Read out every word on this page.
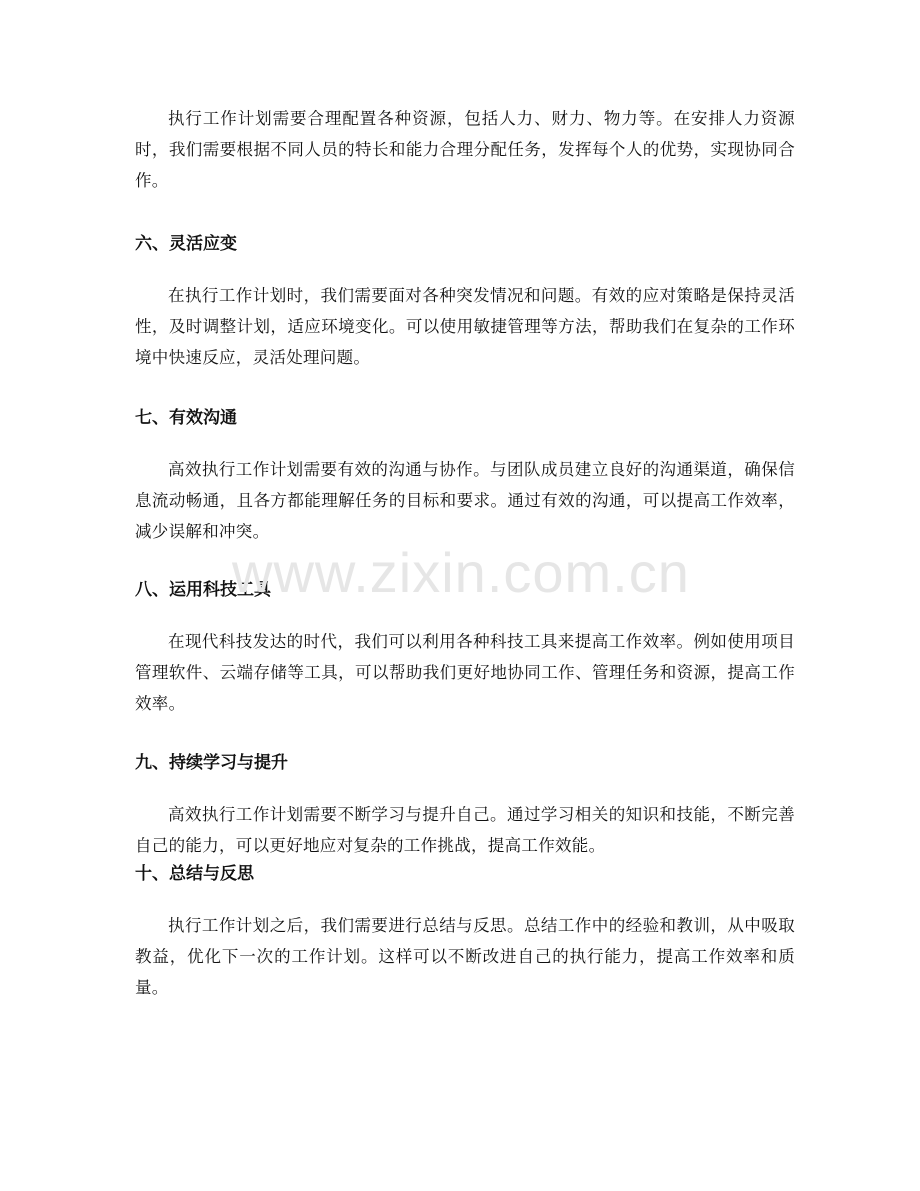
执行工作计划需要合理配置各种资源，包括人力、财力、物力等。在安排人力资源时，我们需要根据不同人员的特长和能力合理分配任务，发挥每个人的优势，实现协同合作。

六、灵活应变

在执行工作计划时，我们需要面对各种突发情况和问题。有效的应对策略是保持灵活性，及时调整计划，适应环境变化。可以使用敏捷管理等方法，帮助我们在复杂的工作环境中快速反应，灵活处理问题。

七、有效沟通

高效执行工作计划需要有效的沟通与协作。与团队成员建立良好的沟通渠道，确保信息流动畅通，且各方都能理解任务的目标和要求。通过有效的沟通，可以提高工作效率，减少误解和冲突。

八、运用科技工具

在现代科技发达的时代，我们可以利用各种科技工具来提高工作效率。例如使用项目管理软件、云端存储等工具，可以帮助我们更好地协同工作、管理任务和资源，提高工作效率。

九、持续学习与提升

高效执行工作计划需要不断学习与提升自己。通过学习相关的知识和技能，不断完善自己的能力，可以更好地应对复杂的工作挑战，提高工作效能。

十、总结与反思

执行工作计划之后，我们需要进行总结与反思。总结工作中的经验和教训，从中吸取教益，优化下一次的工作计划。这样可以不断改进自己的执行能力，提高工作效率和质量。

www.zixin.com.cn
